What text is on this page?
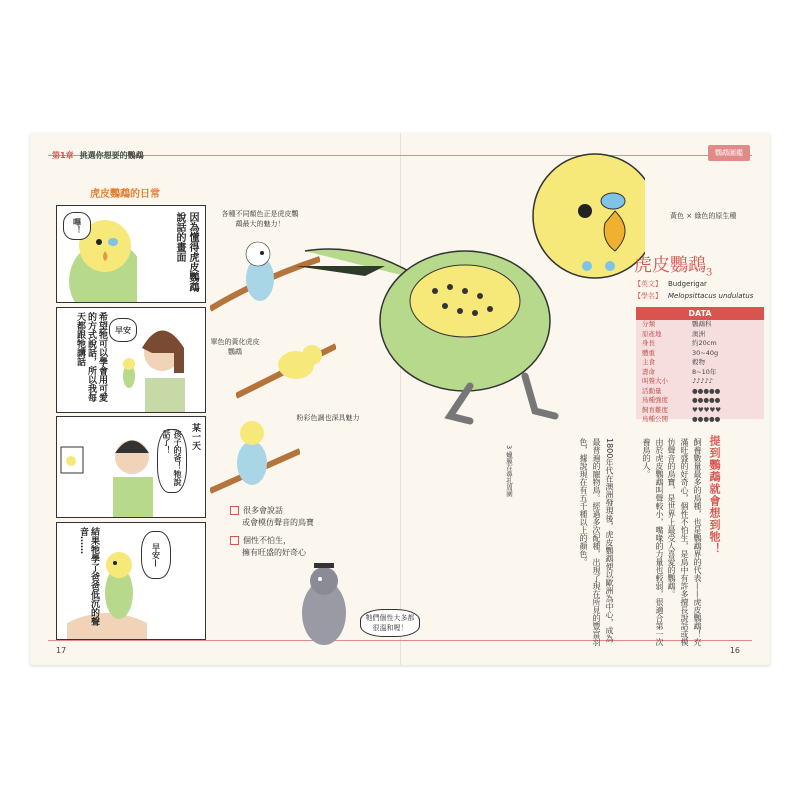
第1章 挑選你想要的鸚鵡	鸚鵡圖鑑
虎皮鸚鵡的日常
嗶！	因為懂得虎皮鸚鵡說話的畫面
早安
希望牠可以學會用可愛的方式說話，所以我每天都跟牠講話
孩子的爸！牠說話了！	某一天
早安—
結果牠學了爸爸低沉的聲音……
各種不同顏色正是虎皮鸚鵡最大的魅力！
單色的黃化虎皮鸚鵡
粉彩色調也深具魅力
很多會說話
或會模仿聲音的鳥寶
個性不怕生，
擁有旺盛的好奇心
牠們個性大多都很溫和喔！
17
黃色 × 綠色的原生種
虎皮鸚鵡$_3$
【英文】 Budgerigar
【學名】 Melopsittacus undulatus
DATA
分類	鸚鵡科
原產地	澳洲
身長	約20cm
體重	30~40g
主食	穀物
壽命	8~10年
叫聲大小	♪♪♪♪♪
活動量	●●●●●
鳥種強度	●●●●●
飼育難度	♥♥♥♥♥
鳥種公開	●●●●●
提到鸚鵡就會想到牠！
飼養數量最多的鳥種，也是鸚鵡界的代表——虎皮鸚鵡！充滿旺盛的好奇心，個性不怕生，是鳥中有許多擅長說話或模仿聲音的鳥寶，是世界上最受人喜愛的鸚鵡。
由於虎皮鸚鵡叫聲較小，嘴喙的力量也較弱，很適合第一次養鳥的人。
1800年代在澳洲發現後，虎皮鸚鵡便以歐洲為中心，成為最普遍的寵物鳥。經過多次配種，出現了現在所見的豐富羽色，據說現在有五千種以上的顏色。
3 蠟膜在鼻孔周圍
16
